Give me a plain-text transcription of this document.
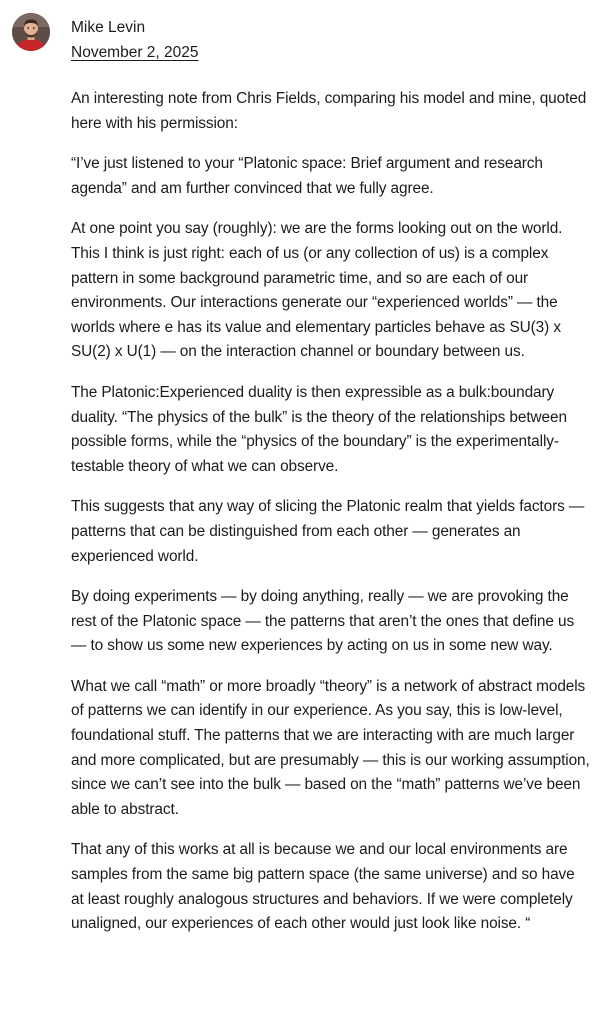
Mike Levin
November 2, 2025

An interesting note from Chris Fields, comparing his model and mine, quoted here with his permission:

“I’ve just listened to your “Platonic space: Brief argument and research agenda” and am further convinced that we fully agree.

At one point you say (roughly): we are the forms looking out on the world. This I think is just right: each of us (or any collection of us) is a complex pattern in some background parametric time, and so are each of our environments. Our interactions generate our “experienced worlds” — the worlds where e has its value and elementary particles behave as SU(3) x SU(2) x U(1) — on the interaction channel or boundary between us.

The Platonic:Experienced duality is then expressible as a bulk:boundary duality. “The physics of the bulk” is the theory of the relationships between possible forms, while the “physics of the boundary” is the experimentally-testable theory of what we can observe.

This suggests that any way of slicing the Platonic realm that yields factors — patterns that can be distinguished from each other — generates an experienced world.

By doing experiments — by doing anything, really — we are provoking the rest of the Platonic space — the patterns that aren’t the ones that define us — to show us some new experiences by acting on us in some new way.

What we call “math” or more broadly “theory” is a network of abstract models of patterns we can identify in our experience. As you say, this is low-level, foundational stuff. The patterns that we are interacting with are much larger and more complicated, but are presumably — this is our working assumption, since we can’t see into the bulk — based on the “math” patterns we’ve been able to abstract.

That any of this works at all is because we and our local environments are samples from the same big pattern space (the same universe) and so have at least roughly analogous structures and behaviors. If we were completely unaligned, our experiences of each other would just look like noise. “
